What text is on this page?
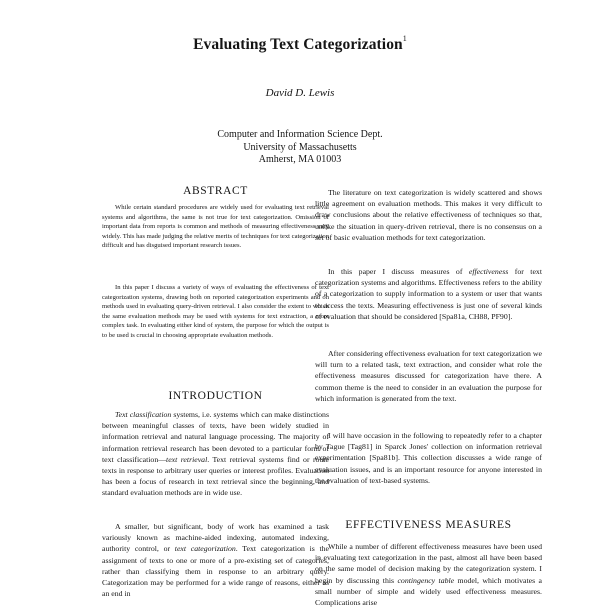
Evaluating Text Categorization$^1$
David D. Lewis
Computer and Information Science Dept.
University of Massachusetts
Amherst, MA 01003
ABSTRACT

While certain standard procedures are widely used for evaluating text retrieval systems and algorithms, the same is not true for text categorization. Omission of important data from reports is common and methods of measuring effectiveness vary widely. This has made judging the relative merits of techniques for text categorization difficult and has disguised important research issues.

In this paper I discuss a variety of ways of evaluating the effectiveness of text categorization systems, drawing both on reported categorization experiments and on methods used in evaluating query-driven retrieval. I also consider the extent to which the same evaluation methods may be used with systems for text extraction, a more complex task. In evaluating either kind of system, the purpose for which the output is to be used is crucial in choosing appropriate evaluation methods.

INTRODUCTION

Text classification systems, i.e. systems which can make distinctions between meaningful classes of texts, have been widely studied in information retrieval and natural language processing. The majority of information retrieval research has been devoted to a particular form of text classification—text retrieval. Text retrieval systems find or route texts in response to arbitrary user queries or interest profiles. Evaluation has been a focus of research in text retrieval since the beginning, and standard evaluation methods are in wide use.

A smaller, but significant, body of work has examined a task variously known as machine-aided indexing, automated indexing, authority control, or text categorization. Text categorization is the assignment of texts to one or more of a pre-existing set of categories, rather than classifying them in response to an arbitrary query. Categorization may be performed for a wide range of reasons, either as an end in

The literature on text categorization is widely scattered and shows little agreement on evaluation methods. This makes it very difficult to draw conclusions about the relative effectiveness of techniques so that, unlike the situation in query-driven retrieval, there is no consensus on a set of basic evaluation methods for text categorization.

In this paper I discuss measures of effectiveness for text categorization systems and algorithms. Effectiveness refers to the ability of a categorization to supply information to a system or user that wants to access the texts. Measuring effectiveness is just one of several kinds of evaluation that should be considered [Spa81a, CH88, PF90].

After considering effectiveness evaluation for text categorization we will turn to a related task, text extraction, and consider what role the effectiveness measures discussed for categorization have there. A common theme is the need to consider in an evaluation the purpose for which information is generated from the text.

I will have occasion in the following to repeatedly refer to a chapter by Tague [Tag81] in Sparck Jones' collection on information retrieval experimentation [Spa81b]. This collection discusses a wide range of evaluation issues, and is an important resource for anyone interested in the evaluation of text-based systems.

EFFECTIVENESS MEASURES

While a number of different effectiveness measures have been used in evaluating text categorization in the past, almost all have been based on the same model of decision making by the categorization system. I begin by discussing this contingency table model, which motivates a small number of simple and widely used effectiveness measures. Complications arise
